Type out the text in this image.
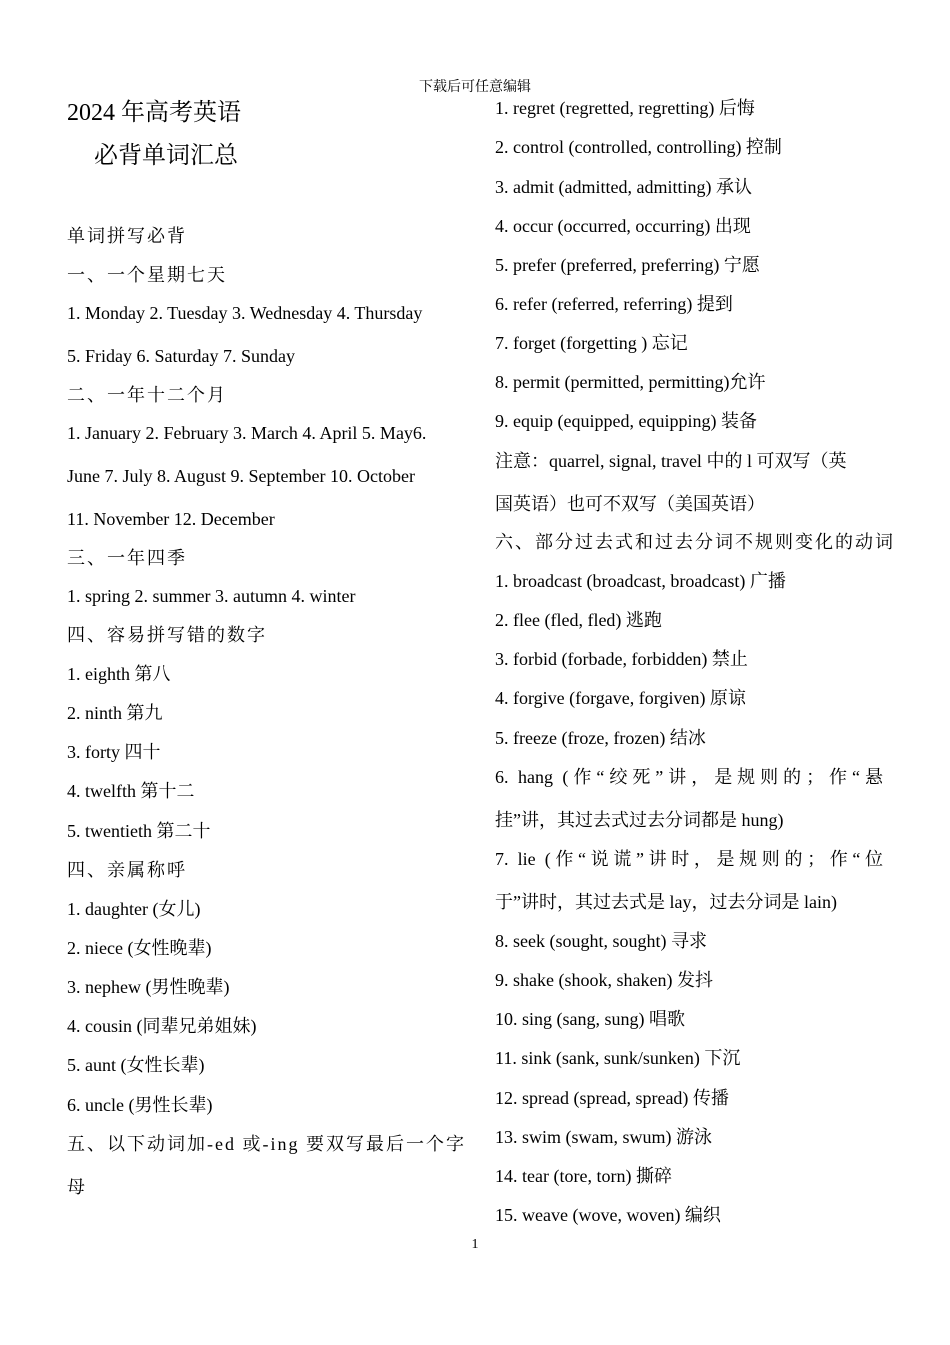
下载后可任意编辑
2024 年高考英语
必背单词汇总
单词拼写必背
一、一个星期七天
1. Monday 2. Tuesday 3. Wednesday 4. Thursday
5. Friday 6. Saturday 7. Sunday
二、一年十二个月
1. January 2. February 3. March 4. April 5. May6.
June 7. July 8. August 9. September 10. October
11. November 12. December
三、一年四季
1. spring 2. summer 3. autumn 4. winter
四、容易拼写错的数字
1. eighth 第八
2. ninth 第九
3. forty 四十
4. twelfth 第十二
5. twentieth 第二十
四、亲属称呼
1. daughter (女儿)
2. niece (女性晚辈)
3. nephew (男性晚辈)
4. cousin (同辈兄弟姐妹)
5. aunt (女性长辈)
6. uncle (男性长辈)
五、以下动词加-ed 或-ing 要双写最后一个字
母
1. regret (regretted, regretting) 后悔
2. control (controlled, controlling) 控制
3. admit (admitted, admitting) 承认
4. occur (occurred, occurring) 出现
5. prefer (preferred, preferring) 宁愿
6. refer (referred, referring) 提到
7. forget (forgetting ) 忘记
8. permit (permitted, permitting)允许
9. equip (equipped, equipping) 装备
注意：quarrel, signal, travel 中的 l 可双写（英
国英语）也可不双写（美国英语）
六、部分过去式和过去分词不规则变化的动词
1. broadcast (broadcast, broadcast) 广播
2. flee (fled, fled) 逃跑
3. forbid (forbade, forbidden) 禁止
4. forgive (forgave, forgiven) 原谅
5. freeze (froze, frozen) 结冰
6. hang (作“绞死”讲，是规则的；作“悬
挂”讲，其过去式过去分词都是 hung)
7. lie (作“说谎”讲时，是规则的；作“位
于”讲时，其过去式是 lay，过去分词是 lain)
8. seek (sought, sought) 寻求
9. shake (shook, shaken) 发抖
10. sing (sang, sung) 唱歌
11. sink (sank, sunk/sunken) 下沉
12. spread (spread, spread) 传播
13. swim (swam, swum) 游泳
14. tear (tore, torn) 撕碎
15. weave (wove, woven) 编织
1
